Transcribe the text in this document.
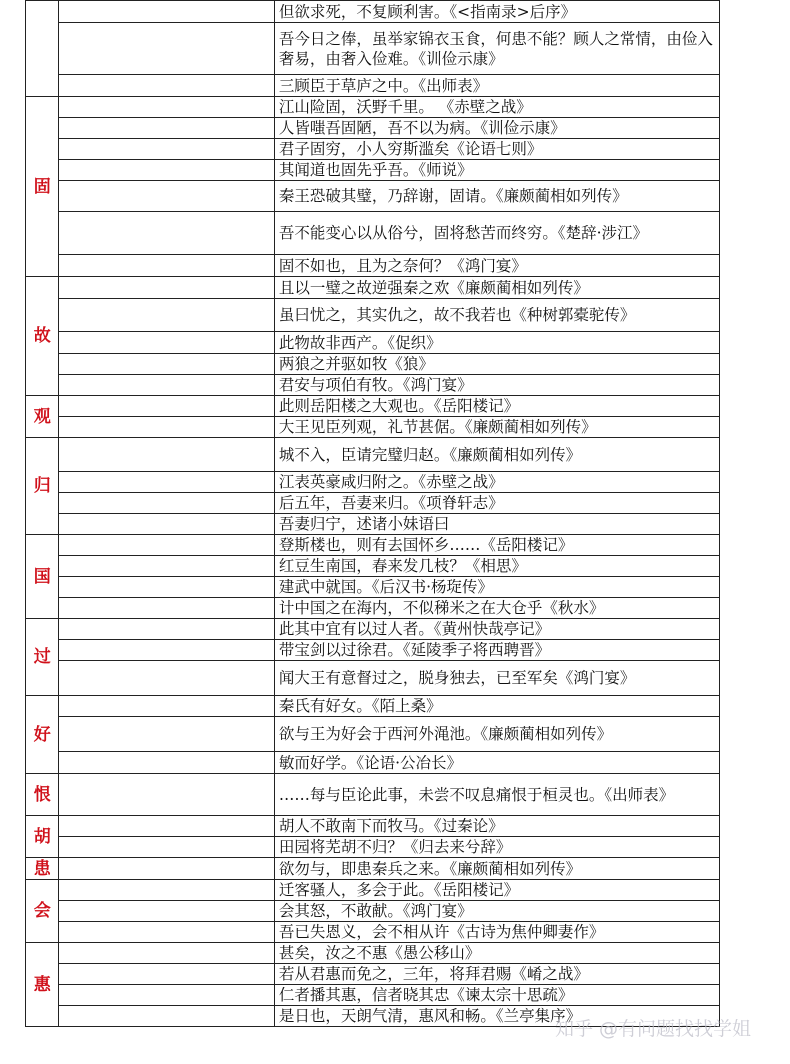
		但欲求死，不复顾利害。《<指南录>后序》
		吾今日之俸，虽举家锦衣玉食，何患不能？顾人之常情，由俭入奢易，由奢入俭难。《训俭示康》
		三顾臣于草庐之中。《出师表》
固		江山险固，沃野千里。 《赤壁之战》
		人皆嗤吾固陋，吾不以为病。《训俭示康》
		君子固穷，小人穷斯滥矣《论语七则》
		其闻道也固先乎吾。《师说》
		秦王恐破其璧，乃辞谢，固请。《廉颇蔺相如列传》
		吾不能变心以从俗兮，固将愁苦而终穷。《楚辞·涉江》
		固不如也，且为之奈何？《鸿门宴》
故		且以一璧之故逆强秦之欢《廉颇蔺相如列传》
		虽曰忧之，其实仇之，故不我若也《种树郭橐驼传》
		此物故非西产。《促织》
		两狼之并驱如牧《狼》
		君安与项伯有牧。《鸿门宴》
观		此则岳阳楼之大观也。《岳阳楼记》
		大王见臣列观，礼节甚倨。《廉颇蔺相如列传》
归		城不入，臣请完璧归赵。《廉颇蔺相如列传》
		江表英豪咸归附之。《赤壁之战》
		后五年，吾妻来归。《项脊轩志》
		吾妻归宁，述诸小妹语曰
国		登斯楼也，则有去国怀乡……《岳阳楼记》
		红豆生南国，春来发几枝？《相思》
		建武中就国。《后汉书·杨琁传》
		计中国之在海内，不似稊米之在大仓乎《秋水》
过		此其中宜有以过人者。《黄州快哉亭记》
		带宝剑以过徐君。《延陵季子将西聘晋》
		闻大王有意督过之，脱身独去，已至军矣《鸿门宴》
好		秦氏有好女。《陌上桑》
		欲与王为好会于西河外渑池。《廉颇蔺相如列传》
		敏而好学。《论语·公冶长》
恨		……每与臣论此事，未尝不叹息痛恨于桓灵也。《出师表》
胡		胡人不敢南下而牧马。《过秦论》
		田园将芜胡不归？《归去来兮辞》
患		欲勿与，即患秦兵之来。《廉颇蔺相如列传》
会		迁客骚人，多会于此。《岳阳楼记》
		会其怒，不敢献。《鸿门宴》
		吾已失恩义，会不相从许《古诗为焦仲卿妻作》
惠		甚矣，汝之不惠《愚公移山》
		若从君惠而免之，三年，将拜君赐《崤之战》
		仁者播其惠，信者晓其忠《谏太宗十思疏》
		是日也，天朗气清，惠风和畅。《兰亭集序》
知乎 @有问题找找学姐
